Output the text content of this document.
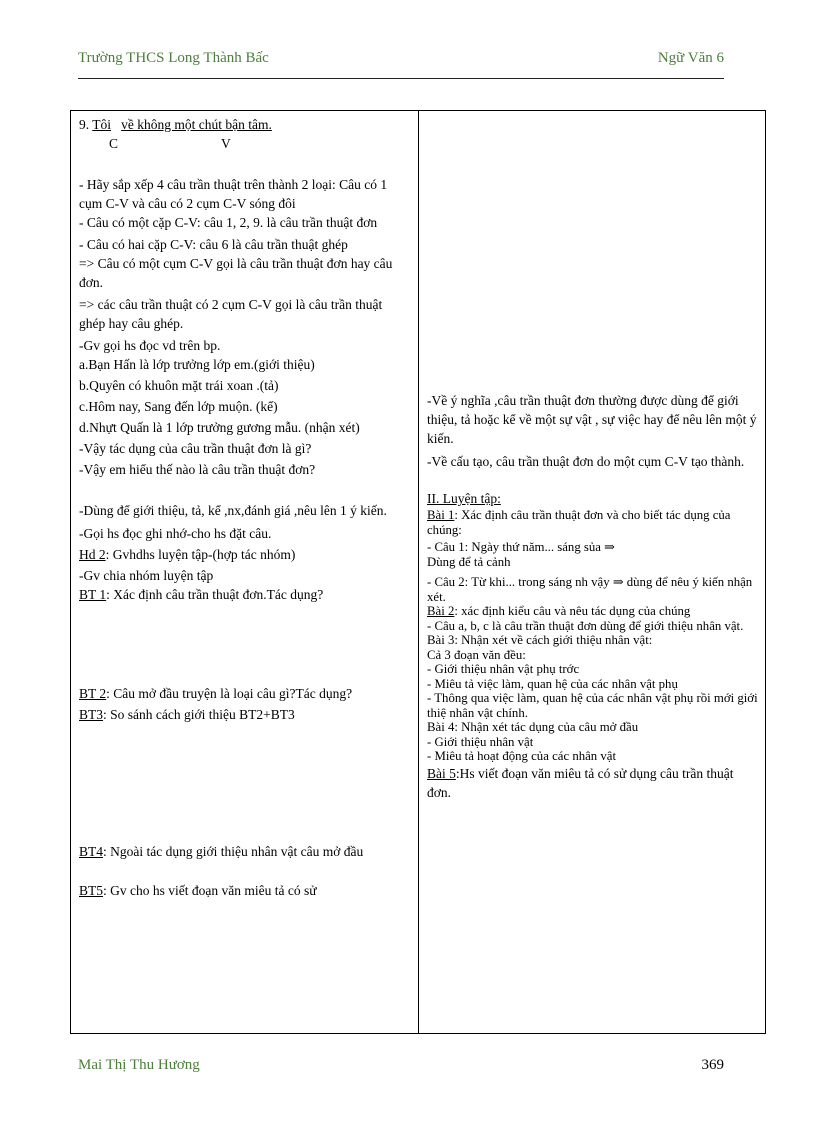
Trường THCS Long Thành Bấc	Ngữ Văn 6
9. Tôi về không một chút bận tâm.
C	V

- Hãy sắp xếp 4 câu trần thuật trên thành 2 loại: Câu có 1 cụm C-V và câu có 2 cụm C-V sóng đôi

- Câu có một cặp C-V: câu 1, 2, 9. là câu trần thuật đơn

- Câu có hai cặp C-V: câu 6 là câu trần thuật ghép

=> Câu có một cụm C-V gọi là câu trần thuật đơn hay câu đơn.

=> các câu trần thuật có 2 cụm C-V gọi là câu trần thuật ghép hay câu ghép.

-Gv gọi hs đọc vd trên bp.

a.Bạn Hấn là lớp trưởng lớp em.(giới thiệu)

b.Quyên có khuôn mặt trái xoan .(tả)

c.Hôm nay, Sang đến lớp muộn. (kể)

d.Nhựt Quấn là 1 lớp trưởng gương mẫu. (nhận xét)

-Vậy tác dụng của câu trần thuật đơn là gì?

-Vậy em hiểu thế nào là câu trần thuật đơn?

-Dùng để giới thiệu, tả, kể ,nx,đánh giá ,nêu lên 1 ý kiến.

-Gọi hs đọc ghi nhớ-cho hs đặt câu.

Hd 2: Gvhdhs luyện tập-(hợp tác nhóm)

-Gv chia nhóm luyện tập

BT 1: Xác định câu trần thuật đơn.Tác dụng?

BT 2: Câu mở đầu truyện là loại câu gì?Tác dụng?

BT3: So sánh cách giới thiệu BT2+BT3

BT4: Ngoài tác dụng giới thiệu nhân vật câu mở đầu

BT5: Gv cho hs viết đoạn văn miêu tả có sử

-Về ý nghĩa ,câu trần thuật đơn thường được dùng để giới thiệu, tả hoặc kể về một sự vật , sự việc hay để nêu lên một ý kiến.

-Về cấu tạo, câu trần thuật đơn do một cụm C-V tạo thành.

II. Luyện tập:

Bài 1: Xác định câu trần thuật đơn và cho biết tác dụng của chúng:

- Câu 1: Ngày thứ năm... sáng sủa ⇒

Dùng để tả cảnh

- Câu 2: Từ khi... trong sáng nh vậy ⇒ dùng để nêu ý kiến nhận xét.

Bài 2: xác định kiểu câu và nêu tác dụng của chúng

- Câu a, b, c là câu trần thuật đơn dùng để giới thiệu nhân vật.

Bài 3: Nhận xét về cách giới thiệu nhân vật:

Cả 3 đoạn văn đều:

- Giới thiệu nhân vật phụ trớc

- Miêu tả việc làm, quan hệ của các nhân vật phụ

- Thông qua việc làm, quan hệ của các nhân vật phụ rồi mới giới thiệ nhân vật chính.

Bài 4: Nhận xét tác dụng của câu mở đầu

- Giới thiệu nhân vật

- Miêu tả hoạt động của các nhân vật

Bài 5:Hs viết đoạn văn miêu tả có sử dụng câu trần thuật đơn.

Mai Thị Thu Hương	369
